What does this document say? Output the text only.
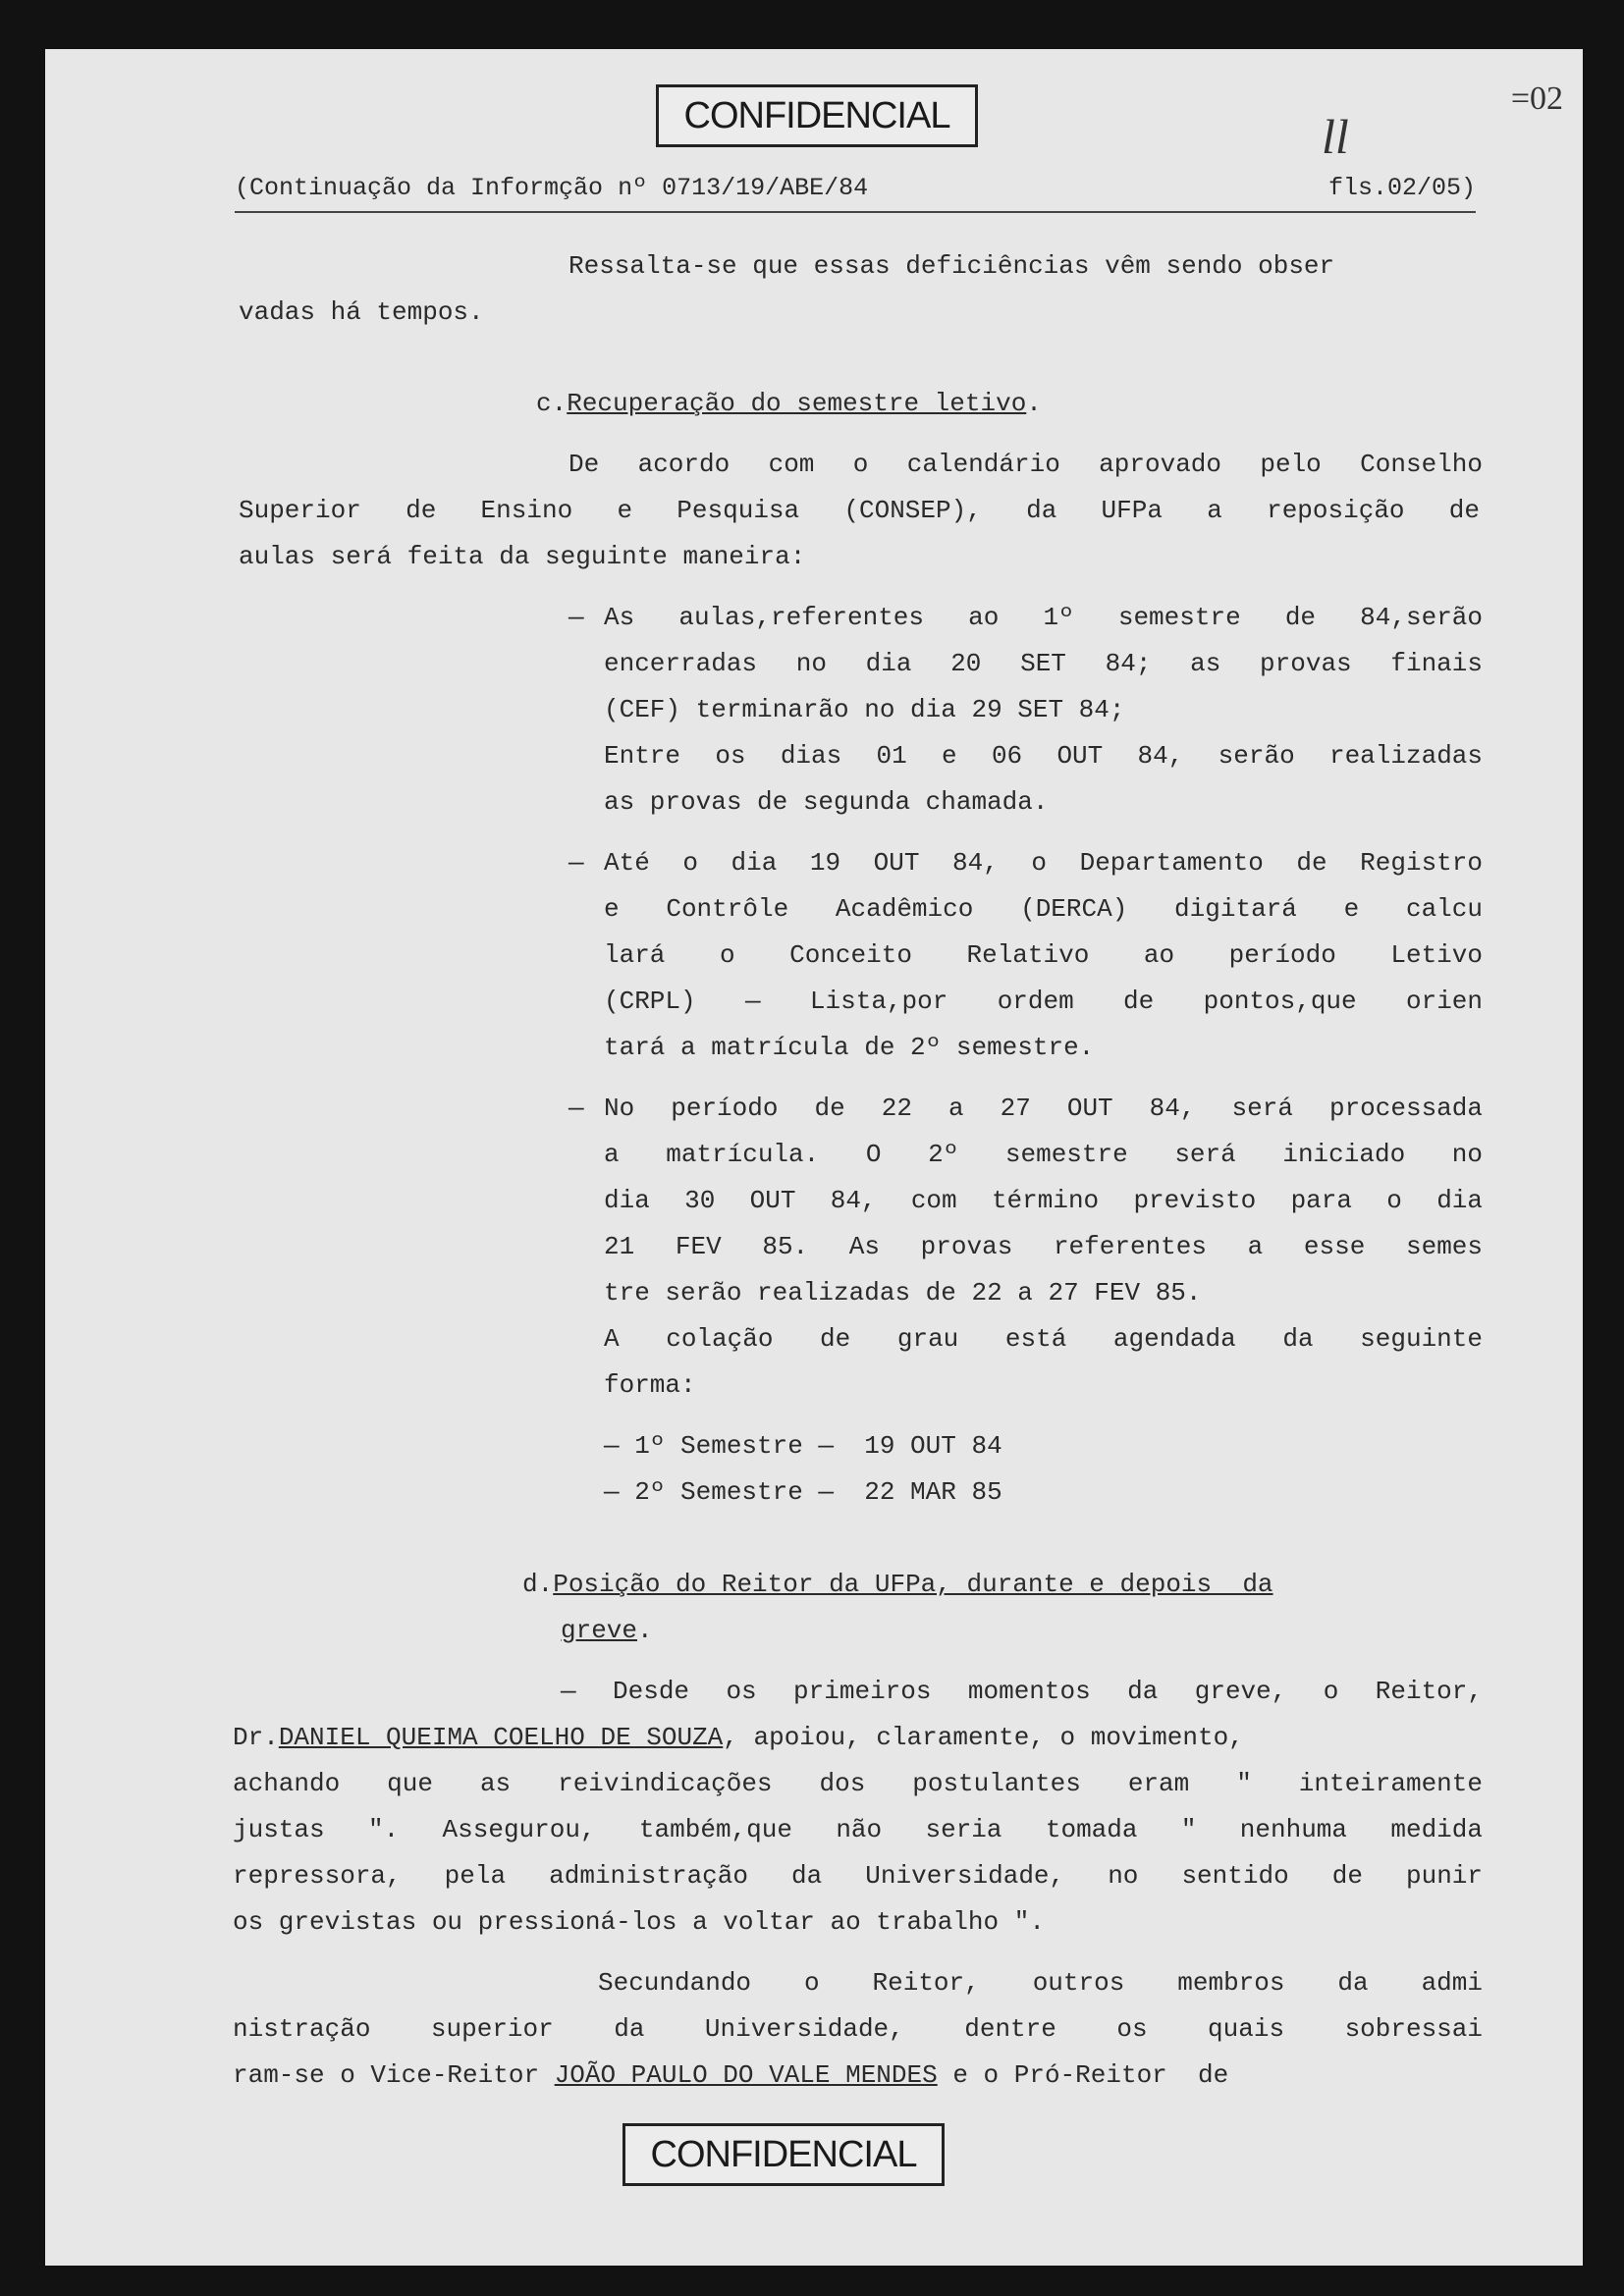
CONFIDENCIAL	=02
ll
(Continuação da Informção nº 0713/19/ABE/84	fls.02/05)
Ressalta-se que essas deficiências vêm sendo obser
vadas há tempos.
c.Recuperação do semestre letivo.
De acordo com o calendário aprovado pelo Conselho
Superior de Ensino e Pesquisa (CONSEP), da UFPa a reposição de
aulas será feita da seguinte maneira:
— As aulas,referentes ao 1º semestre de 84,serão
encerradas no dia 20 SET 84; as provas finais
(CEF) terminarão no dia 29 SET 84;
Entre os dias 01 e 06 OUT 84, serão realizadas
as provas de segunda chamada.
— Até o dia 19 OUT 84, o Departamento de Registro
e Contrôle Acadêmico (DERCA) digitará e calcu
lará o Conceito Relativo ao período Letivo
(CRPL) — Lista,por ordem de pontos,que orien
tará a matrícula de 2º semestre.
— No período de 22 a 27 OUT 84, será processada
a matrícula. O 2º semestre será iniciado no
dia 30 OUT 84, com término previsto para o dia
21 FEV 85. As provas referentes a esse semes
tre serão realizadas de 22 a 27 FEV 85.
A colação de grau está agendada da seguinte
forma:
— 1º Semestre —  19 OUT 84
— 2º Semestre —  22 MAR 85
d.Posição do Reitor da UFPa, durante e depois  da
greve.
— Desde os primeiros momentos da greve, o Reitor,
Dr.DANIEL QUEIMA COELHO DE SOUZA, apoiou, claramente, o movimento,
achando que as reivindicações dos postulantes eram " inteiramente
justas ". Assegurou, também,que não seria tomada " nenhuma medida
repressora, pela administração da Universidade, no sentido de punir
os grevistas ou pressioná-los a voltar ao trabalho ".
Secundando o Reitor, outros membros da admi
nistração superior da Universidade, dentre os quais sobressai
ram-se o Vice-Reitor JOÃO PAULO DO VALE MENDES e o Pró-Reitor  de
CONFIDENCIAL
